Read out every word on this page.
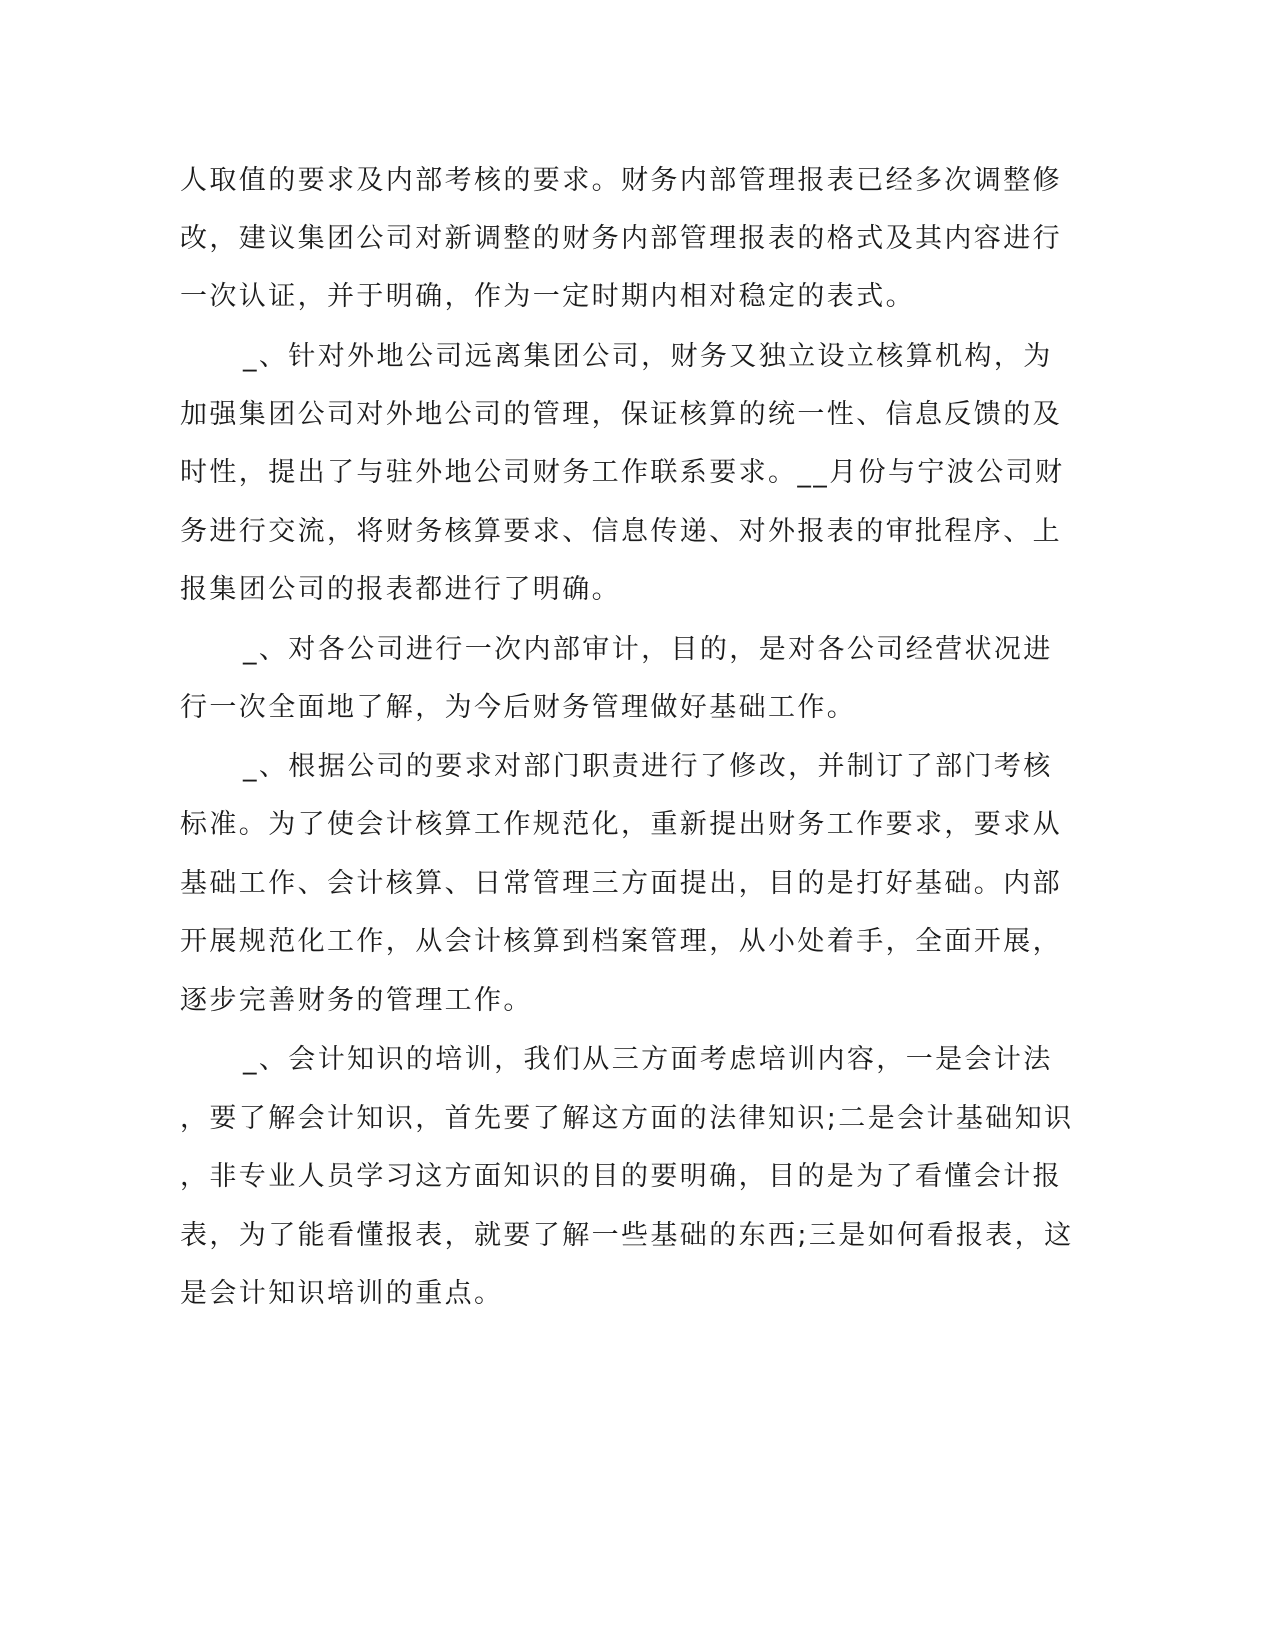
人取值的要求及内部考核的要求。财务内部管理报表已经多次调整修
改，建议集团公司对新调整的财务内部管理报表的格式及其内容进行
一次认证，并于明确，作为一定时期内相对稳定的表式。
_、针对外地公司远离集团公司，财务又独立设立核算机构，为
加强集团公司对外地公司的管理，保证核算的统一性、信息反馈的及
时性，提出了与驻外地公司财务工作联系要求。__月份与宁波公司财
务进行交流，将财务核算要求、信息传递、对外报表的审批程序、上
报集团公司的报表都进行了明确。
_、对各公司进行一次内部审计，目的，是对各公司经营状况进
行一次全面地了解，为今后财务管理做好基础工作。
_、根据公司的要求对部门职责进行了修改，并制订了部门考核
标准。为了使会计核算工作规范化，重新提出财务工作要求，要求从
基础工作、会计核算、日常管理三方面提出，目的是打好基础。内部
开展规范化工作，从会计核算到档案管理，从小处着手，全面开展，
逐步完善财务的管理工作。
_、会计知识的培训，我们从三方面考虑培训内容，一是会计法
，要了解会计知识，首先要了解这方面的法律知识;二是会计基础知识
，非专业人员学习这方面知识的目的要明确，目的是为了看懂会计报
表，为了能看懂报表，就要了解一些基础的东西;三是如何看报表，这
是会计知识培训的重点。
